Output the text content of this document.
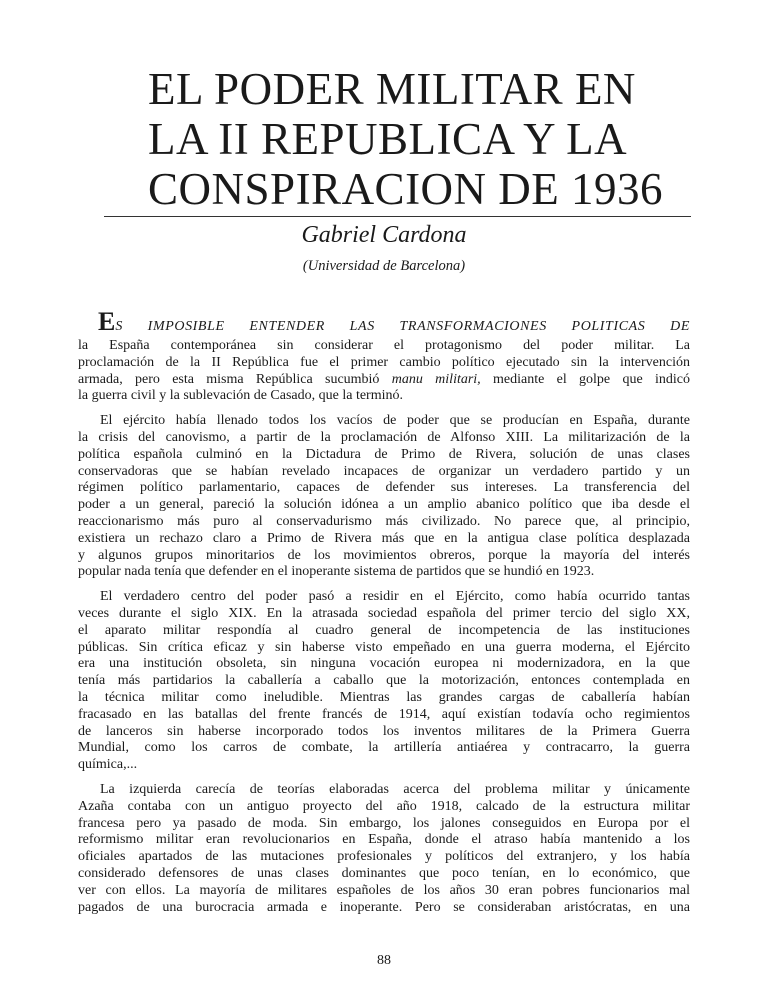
EL PODER MILITAR EN
LA II REPUBLICA Y LA
CONSPIRACION DE 1936
Gabriel Cardona
(Universidad de Barcelona)
ES IMPOSIBLE ENTENDER LAS TRANSFORMACIONES POLITICAS DE
la España contemporánea sin considerar el protagonismo del poder militar. La
proclamación de la II República fue el primer cambio político ejecutado sin la intervención
armada, pero esta misma República sucumbió manu militari, mediante el golpe que indicó
la guerra civil y la sublevación de Casado, que la terminó.
El ejército había llenado todos los vacíos de poder que se producían en España, durante
la crisis del canovismo, a partir de la proclamación de Alfonso XIII. La militarización de la
política española culminó en la Dictadura de Primo de Rivera, solución de unas clases
conservadoras que se habían revelado incapaces de organizar un verdadero partido y un
régimen político parlamentario, capaces de defender sus intereses. La transferencia del
poder a un general, pareció la solución idónea a un amplio abanico político que iba desde el
reaccionarismo más puro al conservadurismo más civilizado. No parece que, al principio,
existiera un rechazo claro a Primo de Rivera más que en la antigua clase política desplazada
y algunos grupos minoritarios de los movimientos obreros, porque la mayoría del interés
popular nada tenía que defender en el inoperante sistema de partidos que se hundió en 1923.
El verdadero centro del poder pasó a residir en el Ejército, como había ocurrido tantas
veces durante el siglo XIX. En la atrasada sociedad española del primer tercio del siglo XX,
el aparato militar respondía al cuadro general de incompetencia de las instituciones
públicas. Sin crítica eficaz y sin haberse visto empeñado en una guerra moderna, el Ejército
era una institución obsoleta, sin ninguna vocación europea ni modernizadora, en la que
tenía más partidarios la caballería a caballo que la motorización, entonces contemplada en
la técnica militar como ineludible. Mientras las grandes cargas de caballería habían
fracasado en las batallas del frente francés de 1914, aquí existían todavía ocho regimientos
de lanceros sin haberse incorporado todos los inventos militares de la Primera Guerra
Mundial, como los carros de combate, la artillería antiaérea y contracarro, la guerra
química,...
La izquierda carecía de teorías elaboradas acerca del problema militar y únicamente
Azaña contaba con un antiguo proyecto del año 1918, calcado de la estructura militar
francesa pero ya pasado de moda. Sin embargo, los jalones conseguidos en Europa por el
reformismo militar eran revolucionarios en España, donde el atraso había mantenido a los
oficiales apartados de las mutaciones profesionales y políticos del extranjero, y los había
considerado defensores de unas clases dominantes que poco tenían, en lo económico, que
ver con ellos. La mayoría de militares españoles de los años 30 eran pobres funcionarios mal
pagados de una burocracia armada e inoperante. Pero se consideraban aristócratas, en una
88
